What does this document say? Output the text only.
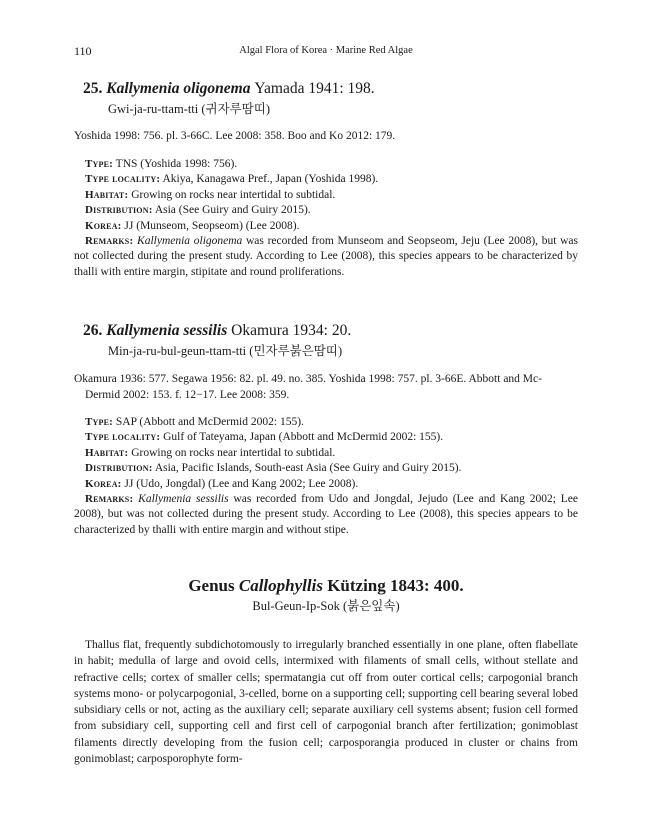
110	Algal Flora of Korea · Marine Red Algae
25. Kallymenia oligonema Yamada 1941: 198.
Gwi-ja-ru-ttam-tti (귀자루땀띠)
Yoshida 1998: 756. pl. 3-66C. Lee 2008: 358. Boo and Ko 2012: 179.
Type: TNS (Yoshida 1998: 756).
Type locality: Akiya, Kanagawa Pref., Japan (Yoshida 1998).
Habitat: Growing on rocks near intertidal to subtidal.
Distribution: Asia (See Guiry and Guiry 2015).
Korea: JJ (Munseom, Seopseom) (Lee 2008).
Remarks: Kallymenia oligonema was recorded from Munseom and Seopseom, Jeju (Lee 2008), but was not collected during the present study. According to Lee (2008), this species appears to be characterized by thalli with entire margin, stipitate and round proliferations.
26. Kallymenia sessilis Okamura 1934: 20.
Min-ja-ru-bul-geun-ttam-tti (민자루붉은땀띠)
Okamura 1936: 577. Segawa 1956: 82. pl. 49. no. 385. Yoshida 1998: 757. pl. 3-66E. Abbott and Mc-
Dermid 2002: 153. f. 12−17. Lee 2008: 359.
Type: SAP (Abbott and McDermid 2002: 155).
Type locality: Gulf of Tateyama, Japan (Abbott and McDermid 2002: 155).
Habitat: Growing on rocks near intertidal to subtidal.
Distribution: Asia, Pacific Islands, South-east Asia (See Guiry and Guiry 2015).
Korea: JJ (Udo, Jongdal) (Lee and Kang 2002; Lee 2008).
Remarks: Kallymenia sessilis was recorded from Udo and Jongdal, Jejudo (Lee and Kang 2002; Lee 2008), but was not collected during the present study. According to Lee (2008), this species appears to be characterized by thalli with entire margin and without stipe.
Genus Callophyllis Kützing 1843: 400.
Bul-Geun-Ip-Sok (붉은잎속)
Thallus flat, frequently subdichotomously to irregularly branched essentially in one plane, often flabellate in habit; medulla of large and ovoid cells, intermixed with filaments of small cells, without stellate and refractive cells; cortex of smaller cells; spermatangia cut off from outer cortical cells; carpogonial branch systems mono- or polycarpogonial, 3-celled, borne on a supporting cell; supporting cell bearing several lobed subsidiary cells or not, acting as the auxiliary cell; separate auxiliary cell systems absent; fusion cell formed from subsidiary cell, supporting cell and first cell of carpogonial branch after fertilization; gonimoblast filaments directly developing from the fusion cell; carposporangia produced in cluster or chains from gonimoblast; carposporophyte form-
